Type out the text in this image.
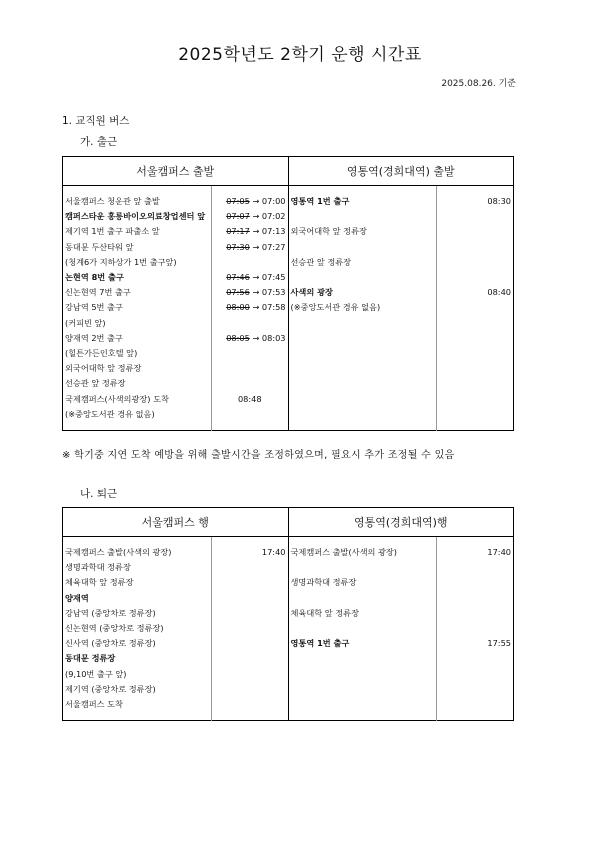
2025학년도 2학기 운행 시간표
2025.08.26. 기준
1. 교직원 버스
가. 출근
서울캠퍼스 출발		영통역(경희대역) 출발	

서울캠퍼스 청운관 앞 출발	07:05 → 07:00	영통역 1번 출구	08:30
캠퍼스타운 홍릉바이오의료창업센터 앞	07:07 → 07:02		
제기역 1번 출구 파출소 앞	07:17 → 07:13	외국어대학 앞 정류장	
동대문 두산타워 앞	07:30 → 07:27		
(청계6가 지하상가 1번 출구앞)		선승관 앞 정류장	
논현역 8번 출구	07:46 → 07:45		
신논현역 7번 출구	07:56 → 07:53	사색의 광장	08:40
강남역 5번 출구	08:00 → 07:58	(※중앙도서관 경유 없음)	
(커피빈 앞)			
양재역 2번 출구	08:05 → 08:03		
(힐튼가든인호텔 앞)			
외국어대학 앞 정류장			
선승관 앞 정류장			
국제캠퍼스(사색의광장) 도착	08:48		
(※중앙도서관 경유 없음)			

※ 학기중 지연 도착 예방을 위해 출발시간을 조정하였으며, 필요시 추가 조정될 수 있음
나. 퇴근
서울캠퍼스 행		영통역(경희대역)행	

국제캠퍼스 출발(사색의 광장)	17:40	국제캠퍼스 출발(사색의 광장)	17:40
생명과학대 정류장			
체육대학 앞 정류장		생명과학대 정류장	
양재역			
강남역 (중앙차로 정류장)		체육대학 앞 정류장	
신논현역 (중앙차로 정류장)			
신사역 (중앙차로 정류장)		영통역 1번 출구	17:55
동대문 정류장			
(9,10번 출구 앞)			
제기역 (중앙차로 정류장)			
서울캠퍼스 도착			
